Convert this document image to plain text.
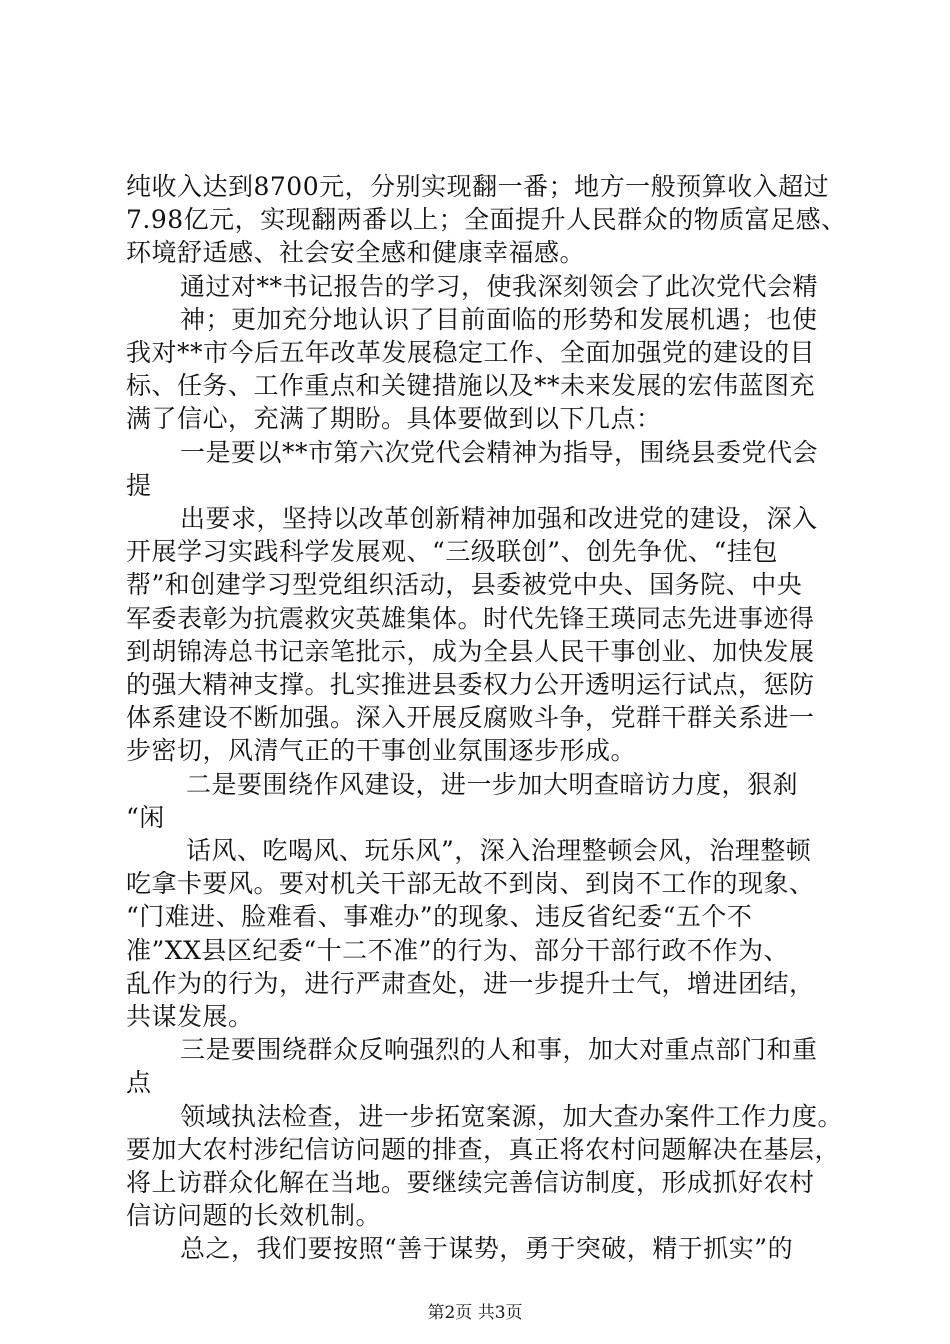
纯收入达到8700元，分别实现翻一番；地方一般预算收入超过
7.98亿元，实现翻两番以上；全面提升人民群众的物质富足感、
环境舒适感、社会安全感和健康幸福感。
通过对**书记报告的学习，使我深刻领会了此次党代会精
神；更加充分地认识了目前面临的形势和发展机遇；也使
我对**市今后五年改革发展稳定工作、全面加强党的建设的目
标、任务、工作重点和关键措施以及**未来发展的宏伟蓝图充
满了信心，充满了期盼。具体要做到以下几点：
一是要以**市第六次党代会精神为指导，围绕县委党代会
提
出要求，坚持以改革创新精神加强和改进党的建设，深入
开展学习实践科学发展观、“三级联创”、创先争优、“挂包
帮”和创建学习型党组织活动，县委被党中央、国务院、中央
军委表彰为抗震救灾英雄集体。时代先锋王瑛同志先进事迹得
到胡锦涛总书记亲笔批示，成为全县人民干事创业、加快发展
的强大精神支撑。扎实推进县委权力公开透明运行试点，惩防
体系建设不断加强。深入开展反腐败斗争，党群干群关系进一
步密切，风清气正的干事创业氛围逐步形成。
二是要围绕作风建设，进一步加大明查暗访力度，狠刹
“闲
话风、吃喝风、玩乐风”，深入治理整顿会风，治理整顿
吃拿卡要风。要对机关干部无故不到岗、到岗不工作的现象、
“门难进、脸难看、事难办”的现象、违反省纪委“五个不
准”XX县区纪委“十二不准”的行为、部分干部行政不作为、
乱作为的行为，进行严肃查处，进一步提升士气，增进团结，
共谋发展。
三是要围绕群众反响强烈的人和事，加大对重点部门和重
点
领域执法检查，进一步拓宽案源，加大查办案件工作力度。
要加大农村涉纪信访问题的排查，真正将农村问题解决在基层，
将上访群众化解在当地。要继续完善信访制度，形成抓好农村
信访问题的长效机制。
总之，我们要按照“善于谋势，勇于突破，精于抓实”的
第2页 共3页
